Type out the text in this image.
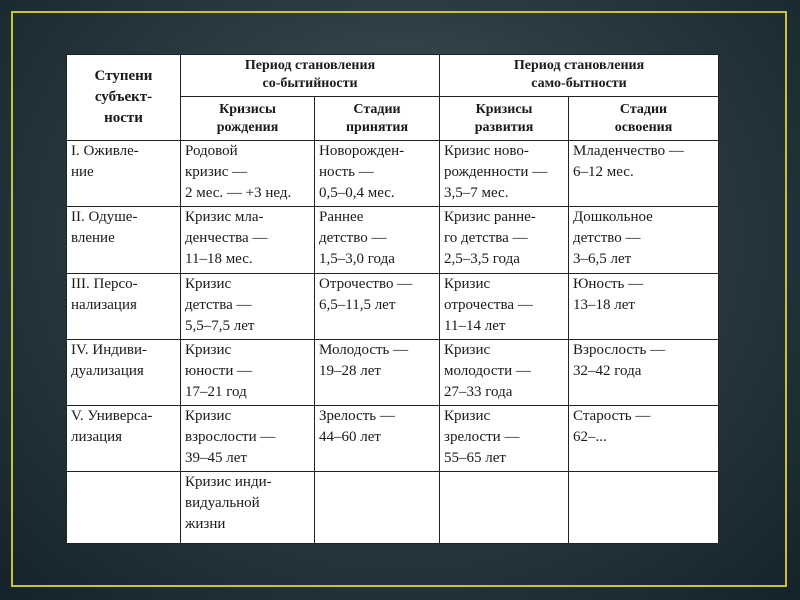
Ступени
субъект-
ности	Период становления
со-бытийности		Период становления
само-бытности	
	Кризисы
рождения	Стадии
принятия	Кризисы
развития	Стадии
освоения
I. Оживле-
ние	Родовой
кризис —
2 мес. — +3 нед.	Новорожден-
ность —
0,5–0,4 мес.	Кризис ново-
рожденности —
3,5–7 мес.	Младенчество —
6–12 мес.
II. Одуше-
вление	Кризис мла-
денчества —
11–18 мес.	Раннее
детство —
1,5–3,0 года	Кризис ранне-
го детства —
2,5–3,5 года	Дошкольное
детство —
3–6,5 лет
III. Персо-
нализация	Кризис
детства —
5,5–7,5 лет	Отрочество —
6,5–11,5 лет	Кризис
отрочества —
11–14 лет	Юность —
13–18 лет
IV. Индиви-
дуализация	Кризис
юности —
17–21 год	Молодость —
19–28 лет	Кризис
молодости —
27–33 года	Взрослость —
32–42 года
V. Универса-
лизация	Кризис
взрослости —
39–45 лет	Зрелость —
44–60 лет	Кризис
зрелости —
55–65 лет	Старость —
62–...
	Кризис инди-
видуальной
жизни			
